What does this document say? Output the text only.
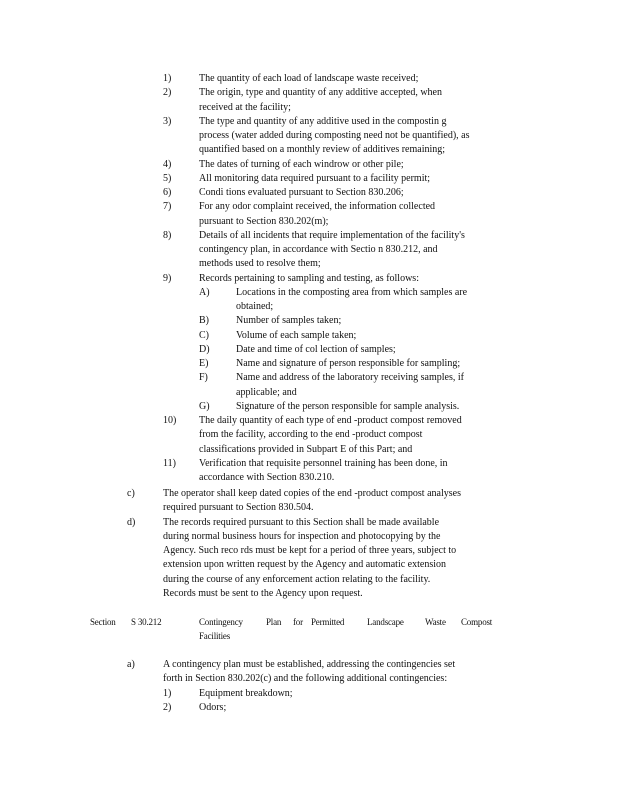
1)	The quantity of each load of landscape waste received;
2)	The origin, type and quantity of any additive accepted, when
received at the facility;
3)	The type and quantity of any additive used in the compostin g
process (water added during composting need not be quantified), as
quantified based on a monthly review of additives remaining;
4)	The dates of turning of each windrow or other pile;
5)	All monitoring data required pursuant to a facility permit;
6)	Condi tions evaluated pursuant to Section 830.206;
7)	For any odor complaint received, the information collected
pursuant to Section 830.202(m);
8)	Details of all incidents that require implementation of the facility's
contingency plan, in accordance with Sectio n 830.212, and
methods used to resolve them;
9)	Records pertaining to sampling and testing, as follows:
A)	Locations in the composting area from which samples are
obtained;
B)	Number of samples taken;
C)	Volume of each sample taken;
D)	Date and time of col lection of samples;
E)	Name and signature of person responsible for sampling;
F)	Name and address of the laboratory receiving samples, if
applicable; and
G)	Signature of the person responsible for sample analysis.
10) The daily quantity of each type of end -product compost removed
from the facility, according to the end -product compost
classifications provided in Subpart E of this Part; and
11) Verification that requisite personnel training has been done, in
accordance with Section 830.210.
c)	The operator shall keep dated copies of the end -product compost analyses
required pursuant to Section 830.504.
d)	The records required pursuant to this Section shall be made available
during normal business hours for inspection and photocopying by the
Agency. Such reco rds must be kept for a period of three years, subject to
extension upon written request by the Agency and automatic extension
during the course of any enforcement action relating to the facility.
Records must be sent to the Agency upon request.
Section S 30.212	Contingency	Plan for Permitted	Landscape Waste Compost
Facilities
a)	A contingency plan must be established, addressing the contingencies set
forth in Section 830.202(c) and the following additional contingencies:
1)	Equipment breakdown;
2)	Odors;
